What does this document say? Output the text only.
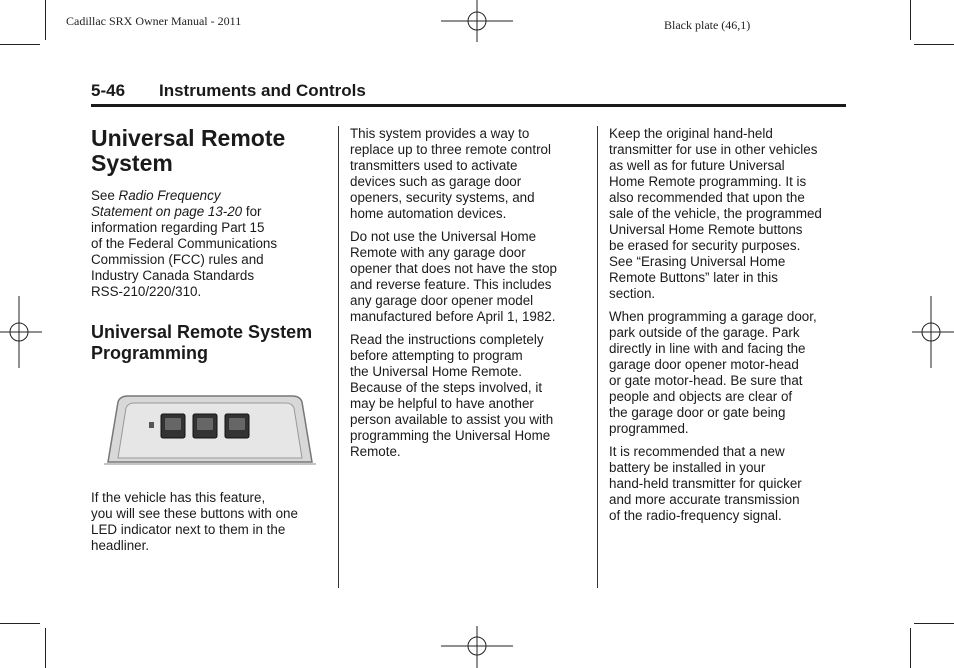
Cadillac SRX Owner Manual - 2011	Black plate (46,1)
5-46 Instruments and Controls
Universal Remote
System

See Radio Frequency
Statement on page 13-20 for
information regarding Part 15
of the Federal Communications
Commission (FCC) rules and
Industry Canada Standards
RSS-210/220/310.

Universal Remote System
Programming

If the vehicle has this feature,
you will see these buttons with one
LED indicator next to them in the
headliner.

This system provides a way to
replace up to three remote control
transmitters used to activate
devices such as garage door
openers, security systems, and
home automation devices.

Do not use the Universal Home
Remote with any garage door
opener that does not have the stop
and reverse feature. This includes
any garage door opener model
manufactured before April 1, 1982.

Read the instructions completely
before attempting to program
the Universal Home Remote.
Because of the steps involved, it
may be helpful to have another
person available to assist you with
programming the Universal Home
Remote.

Keep the original hand-held
transmitter for use in other vehicles
as well as for future Universal
Home Remote programming. It is
also recommended that upon the
sale of the vehicle, the programmed
Universal Home Remote buttons
be erased for security purposes.
See “Erasing Universal Home
Remote Buttons” later in this
section.

When programming a garage door,
park outside of the garage. Park
directly in line with and facing the
garage door opener motor-head
or gate motor-head. Be sure that
people and objects are clear of
the garage door or gate being
programmed.

It is recommended that a new
battery be installed in your
hand-held transmitter for quicker
and more accurate transmission
of the radio-frequency signal.
